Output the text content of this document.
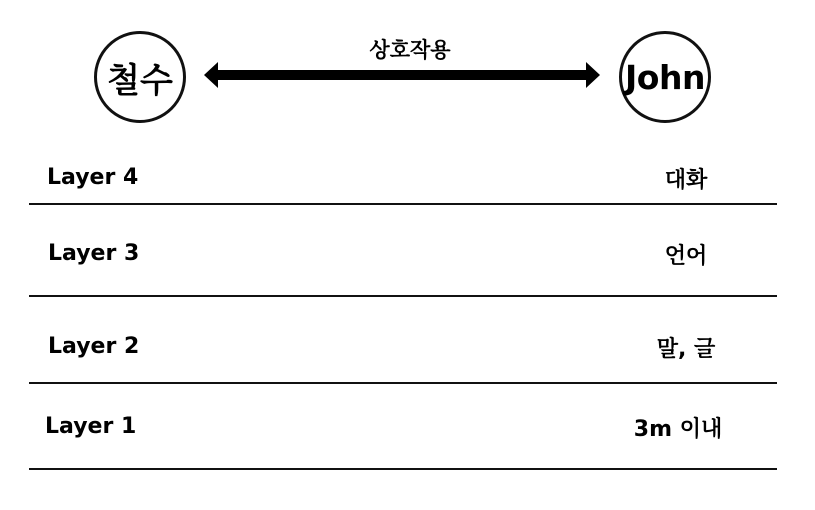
철수
상호작용
John
Layer 4	대화
Layer 3	언어
Layer 2	말, 글
Layer 1	3m 이내
